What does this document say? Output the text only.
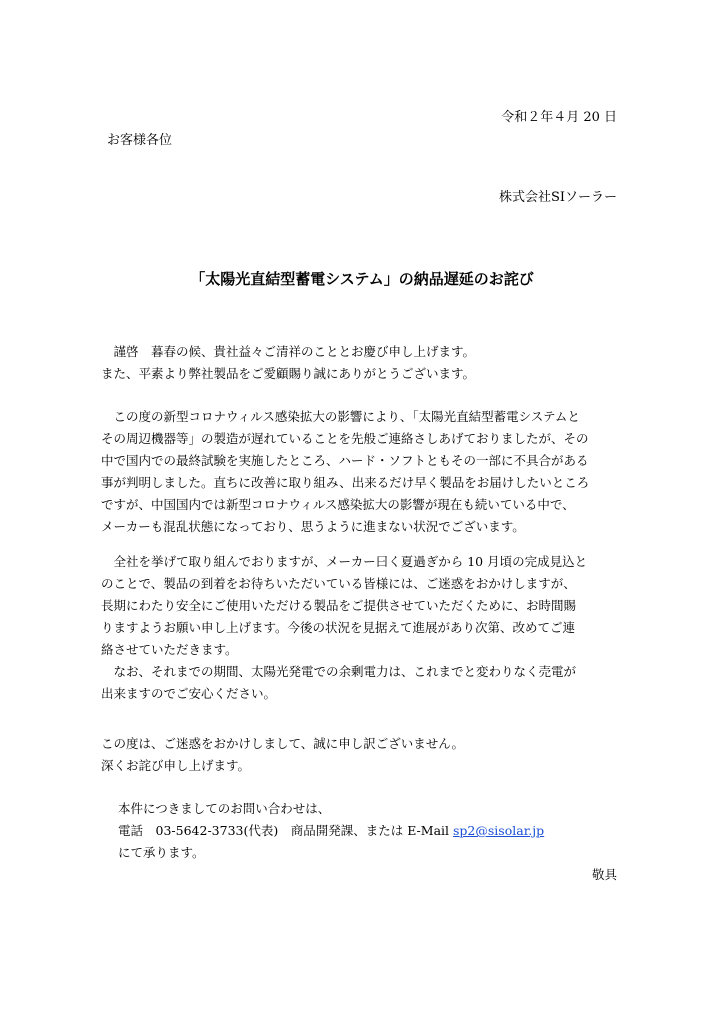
令和２年４月 20 日
お客様各位
株式会社SIソーラー
「太陽光直結型蓄電システム」の納品遅延のお詫び

謹啓　暮春の候、貴社益々ご清祥のこととお慶び申し上げます。

また、平素より弊社製品をご愛顧賜り誠にありがとうございます。

この度の新型コロナウィルス感染拡大の影響により、「太陽光直結型蓄電システムと

その周辺機器等」の製造が遅れていることを先般ご連絡さしあげておりましたが、その

中で国内での最終試験を実施したところ、ハード・ソフトともその一部に不具合がある

事が判明しました。直ちに改善に取り組み、出来るだけ早く製品をお届けしたいところ

ですが、中国国内では新型コロナウィルス感染拡大の影響が現在も続いている中で、

メーカーも混乱状態になっており、思うように進まない状況でございます。

全社を挙げて取り組んでおりますが、メーカー曰く夏過ぎから 10 月頃の完成見込と

のことで、製品の到着をお待ちいただいている皆様には、ご迷惑をおかけしますが、

長期にわたり安全にご使用いただける製品をご提供させていただくために、お時間賜

りますようお願い申し上げます。今後の状況を見据えて進展があり次第、改めてご連

絡させていただきます。

なお、それまでの期間、太陽光発電での余剰電力は、これまでと変わりなく売電が

出来ますのでご安心ください。

この度は、ご迷惑をおかけしまして、誠に申し訳ございません。

深くお詫び申し上げます。

本件につきましてのお問い合わせは、
電話　03-5642-3733(代表)　商品開発課、または E-Mail sp2@sisolar.jp
にて承ります。
敬具
